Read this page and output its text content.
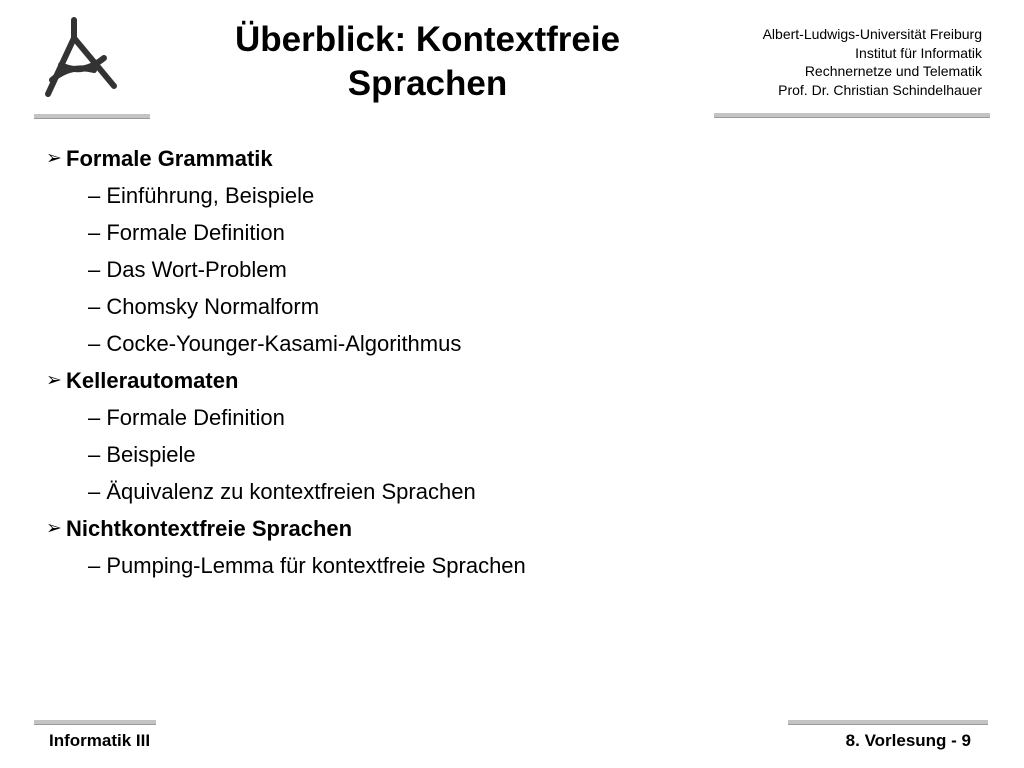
Überblick: Kontextfreie Sprachen
Albert-Ludwigs-Universität Freiburg
Institut für Informatik
Rechnernetze und Telematik
Prof. Dr. Christian Schindelhauer
➢ Formale Grammatik
– Einführung, Beispiele
– Formale Definition
– Das Wort-Problem
– Chomsky Normalform
– Cocke-Younger-Kasami-Algorithmus
➢ Kellerautomaten
– Formale Definition
– Beispiele
– Äquivalenz zu kontextfreien Sprachen
➢ Nichtkontextfreie Sprachen
– Pumping-Lemma für kontextfreie Sprachen
Informatik III	8. Vorlesung - 9
